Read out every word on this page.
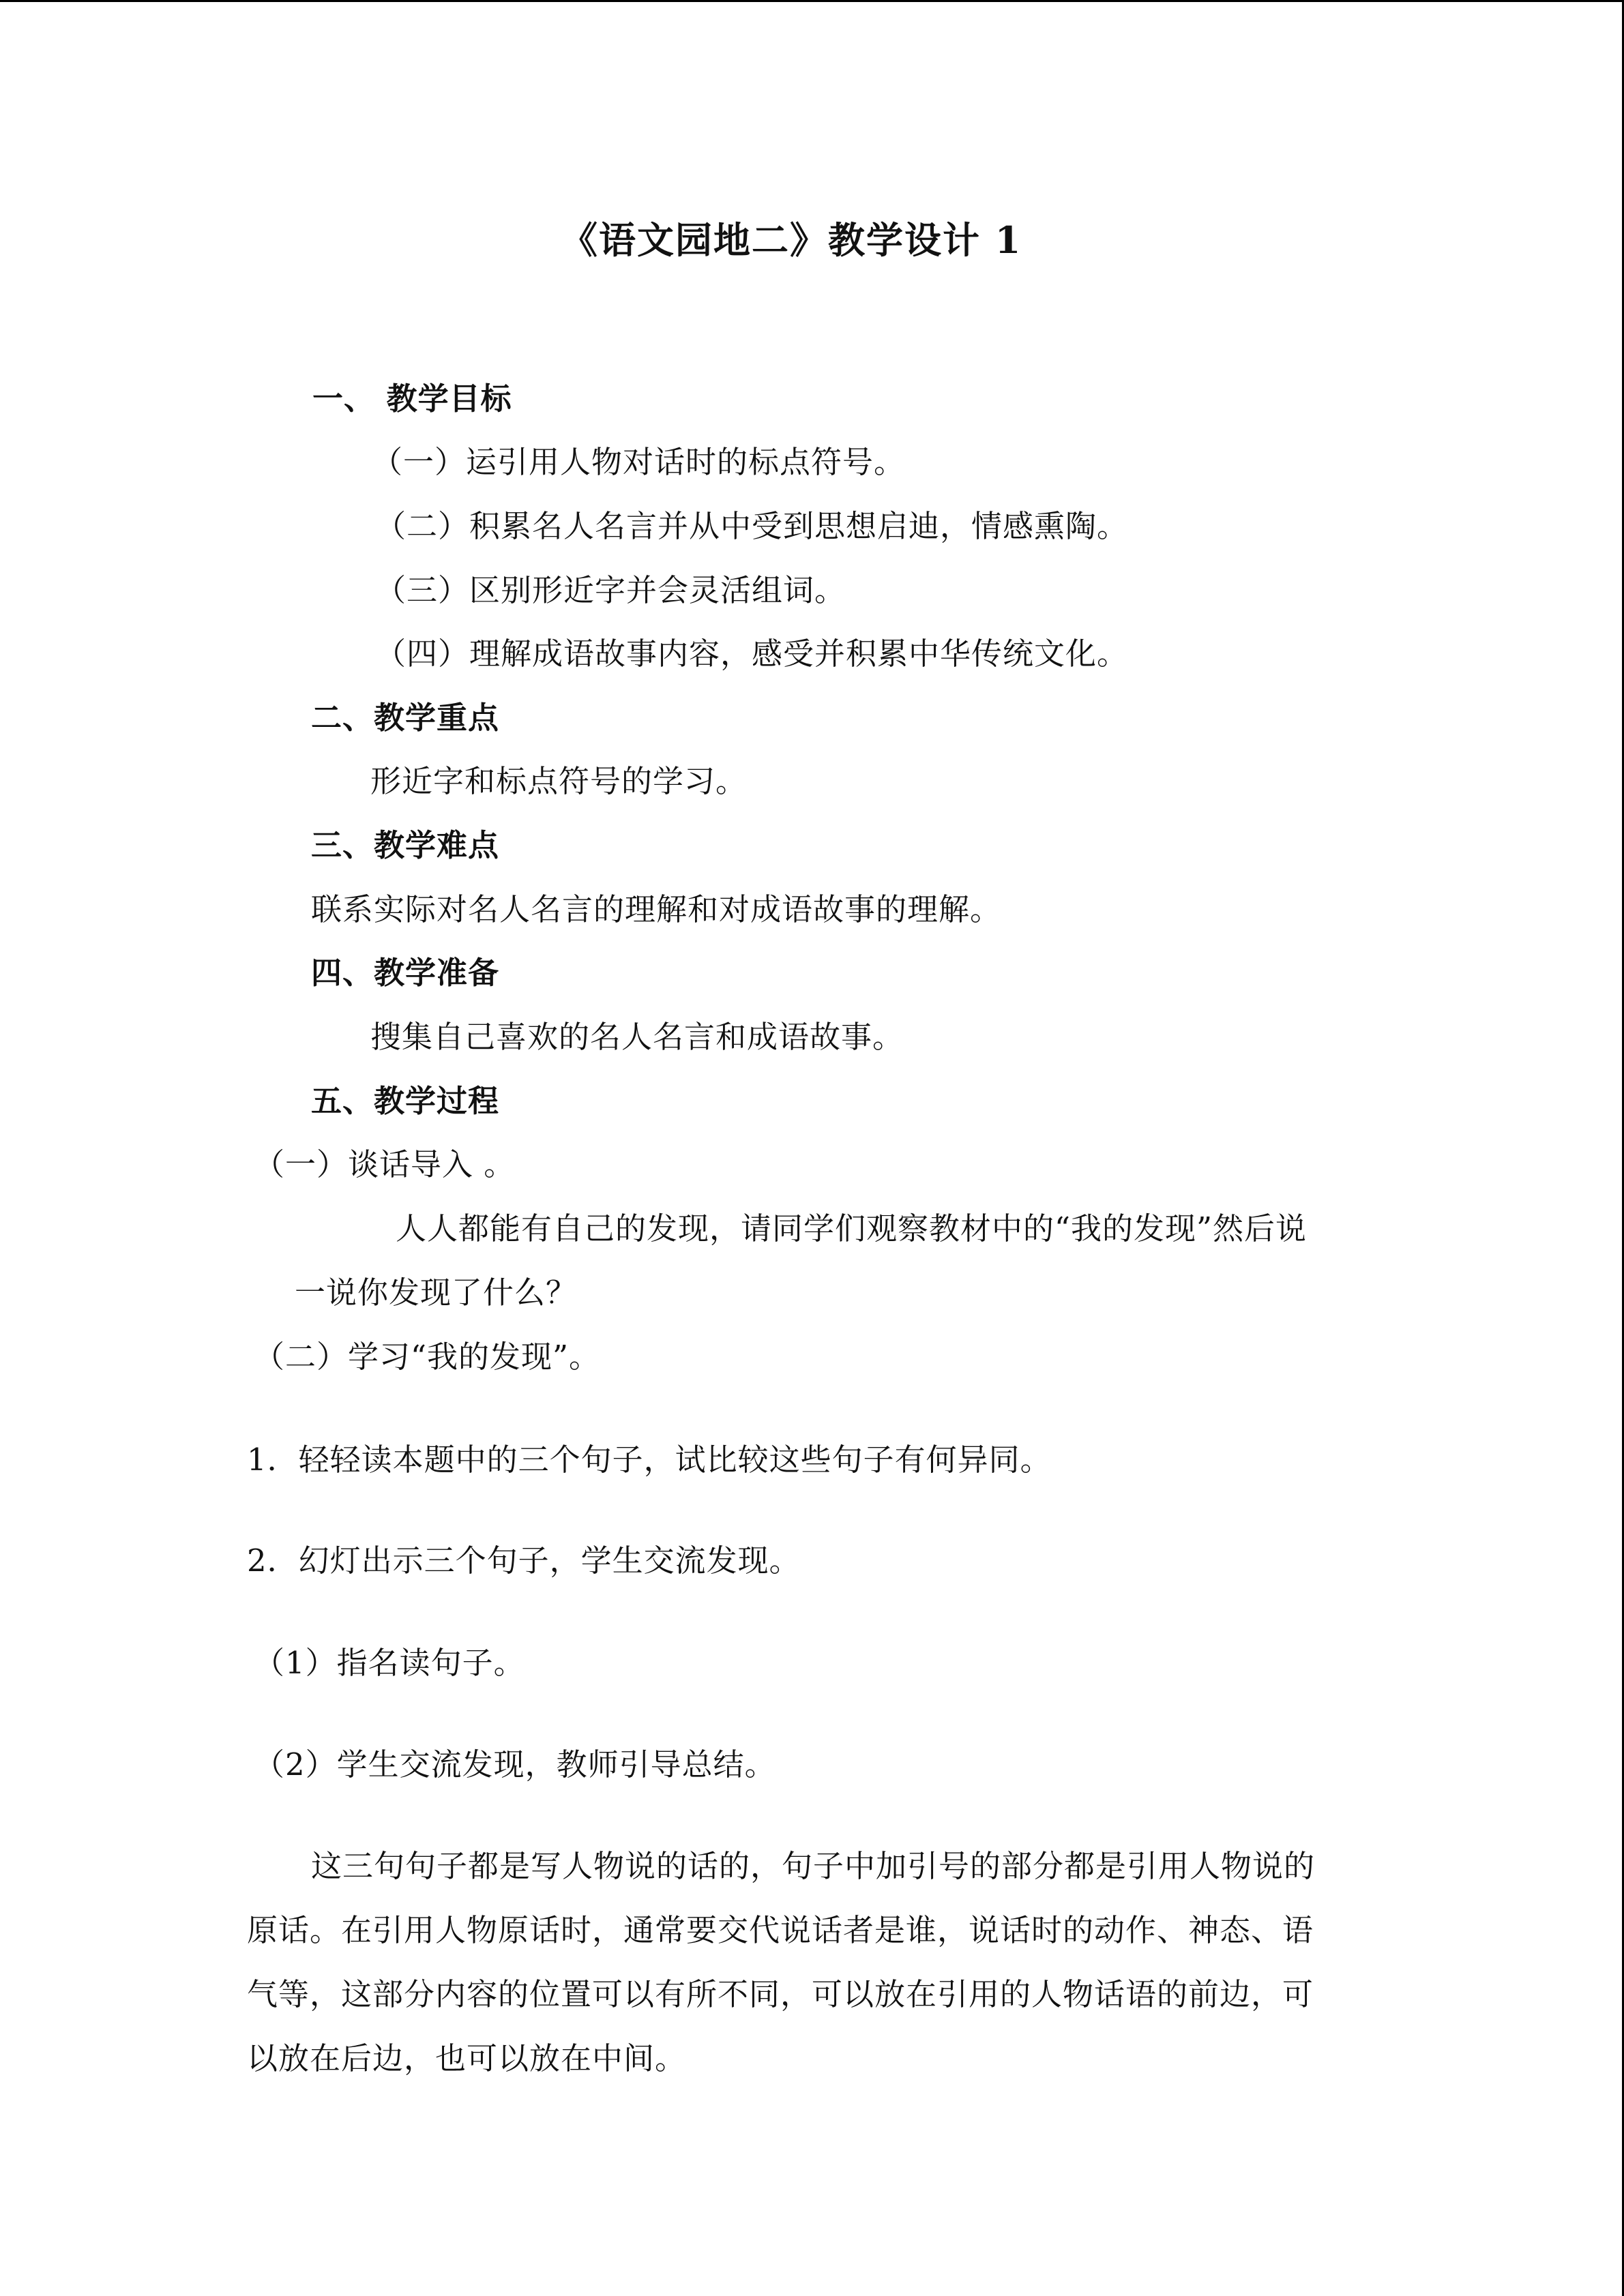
《语文园地二》教学设计 1
一、 教学目标
（一）运引用人物对话时的标点符号。
（二）积累名人名言并从中受到思想启迪，情感熏陶。
（三）区别形近字并会灵活组词。
（四）理解成语故事内容，感受并积累中华传统文化。
二、教学重点
形近字和标点符号的学习。
三、教学难点
联系实际对名人名言的理解和对成语故事的理解。
四、教学准备
搜集自己喜欢的名人名言和成语故事。
五、教学过程
（一）谈话导入 。
人人都能有自己的发现，请同学们观察教材中的“我的发现”然后说
一说你发现了什么？
（二）学习“我的发现”。
1．轻轻读本题中的三个句子，试比较这些句子有何异同。
2．幻灯出示三个句子，学生交流发现。
（1）指名读句子。
（2）学生交流发现，教师引导总结。
这三句句子都是写人物说的话的，句子中加引号的部分都是引用人物说的
原话。在引用人物原话时，通常要交代说话者是谁，说话时的动作、神态、语
气等，这部分内容的位置可以有所不同，可以放在引用的人物话语的前边，可
以放在后边，也可以放在中间。
